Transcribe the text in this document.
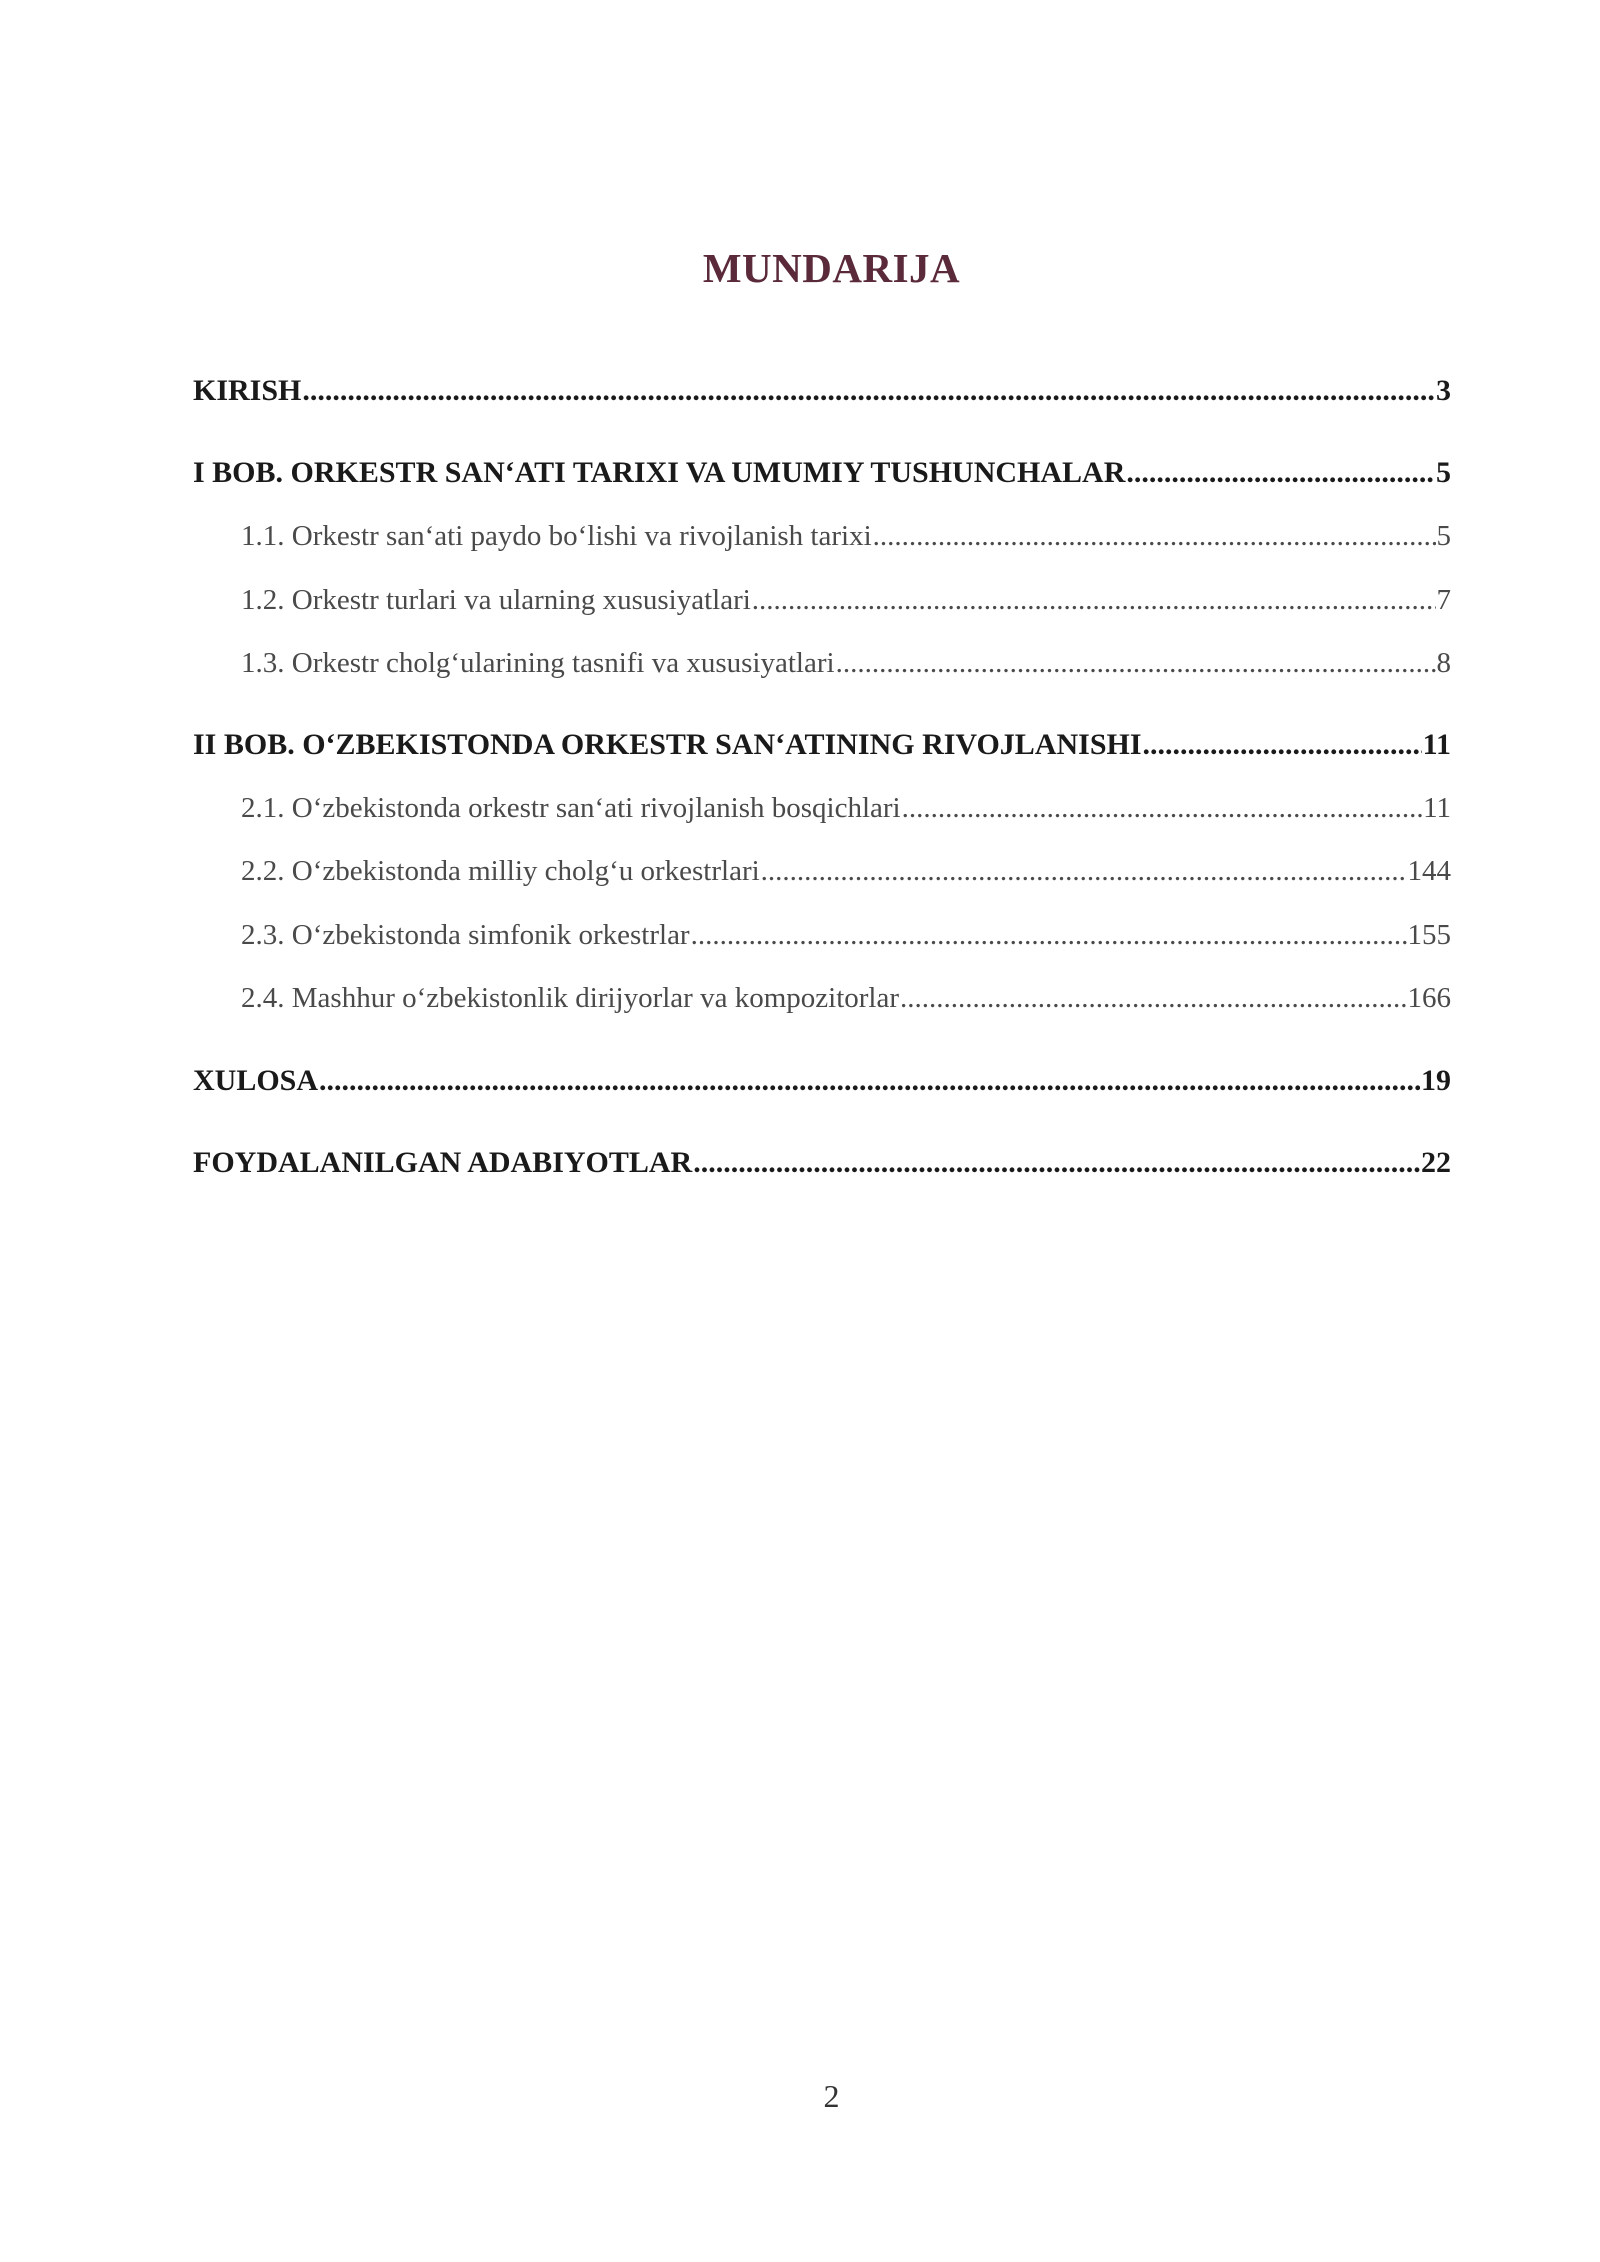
MUNDARIJA
KIRISH .....	3
I BOB. ORKESTR SAN‘ATI TARIXI VA UMUMIY TUSHUNCHALAR .....	5
1.1. Orkestr san‘ati paydo bo‘lishi va rivojlanish tarixi .....	5
1.2. Orkestr turlari va ularning xususiyatlari .....	7
1.3. Orkestr cholg‘ularining tasnifi va xususiyatlari .....	8
II BOB. O‘ZBEKISTONDA ORKESTR SAN‘ATINING RIVOJLANISHI .....	11
2.1. O‘zbekistonda orkestr san‘ati rivojlanish bosqichlari .....	11
2.2. O‘zbekistonda milliy cholg‘u orkestrlari .....	144
2.3. O‘zbekistonda simfonik orkestrlar .....	155
2.4. Mashhur o‘zbekistonlik dirijyorlar va kompozitorlar .....	166
XULOSA .....	19
FOYDALANILGAN ADABIYOTLAR .....	22
2
